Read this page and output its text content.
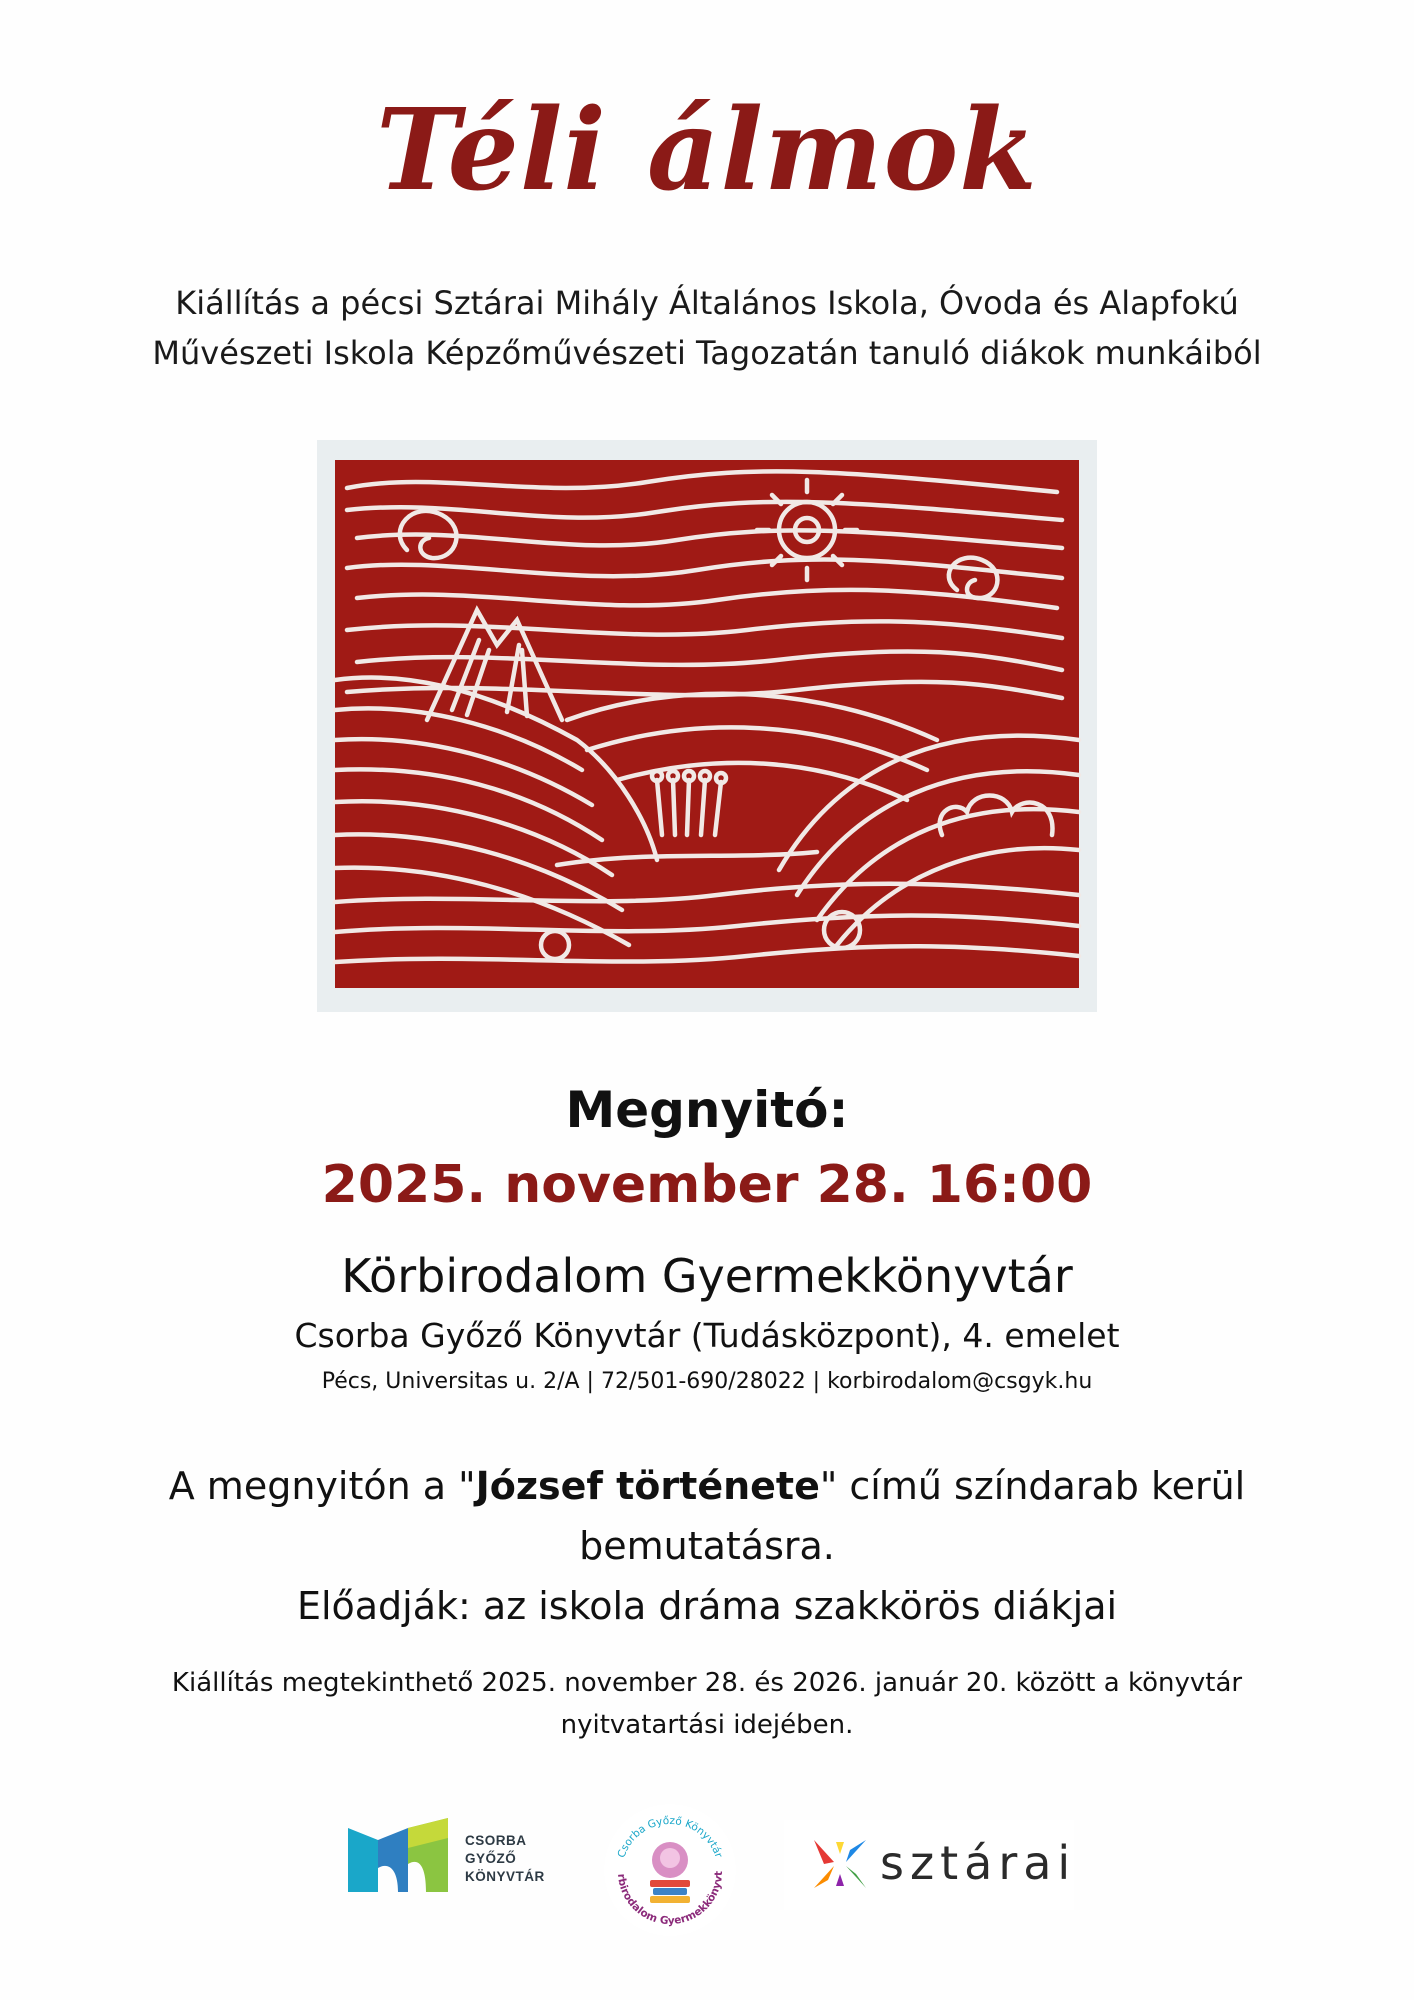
Téli álmok
Kiállítás a pécsi Sztárai Mihály Általános Iskola, Óvoda és Alapfokú
Művészeti Iskola Képzőművészeti Tagozatán tanuló diákok munkáiból
Megnyitó:
2025. november 28. 16:00
Körbirodalom Gyermekkönyvtár
Csorba Győző Könyvtár (Tudásközpont), 4. emelet
Pécs, Universitas u. 2/A | 72/501-690/28022 | korbirodalom@csgyk.hu
A megnyitón a "József története" című színdarab kerül
bemutatásra.
Előadják: az iskola dráma szakkörös diákjai
Kiállítás megtekinthető 2025. november 28. és 2026. január 20. között a könyvtár
nyitvatartási idejében.
CSORBA
GYŐZŐ
KÖNYVTÁR
Csorba Győző Könyvtár
rbirodalom Gyermekkönyvt	sztárai
